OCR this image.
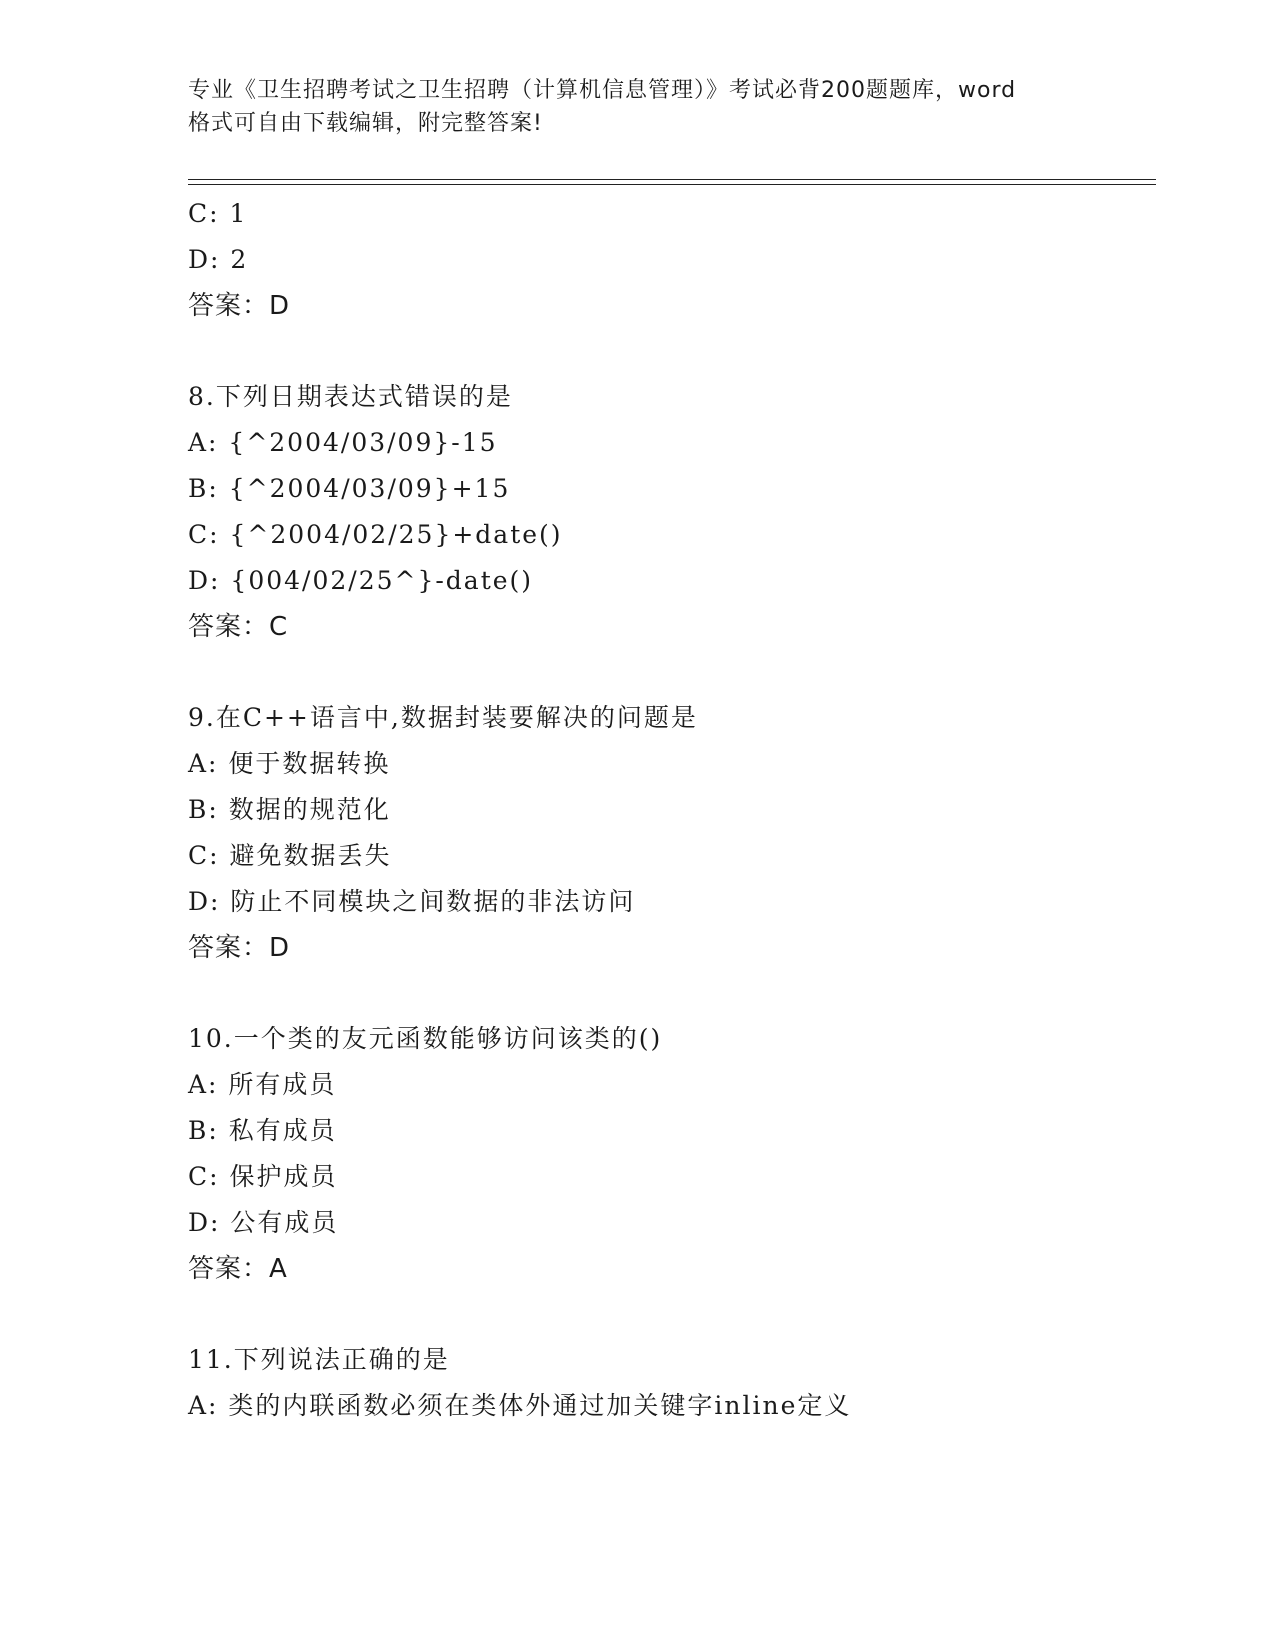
专业《卫生招聘考试之卫生招聘（计算机信息管理）》考试必背200题题库，word
格式可自由下载编辑，附完整答案!
C: 1
D: 2
答案：D
8.下列日期表达式错误的是
A: {^2004/03/09}-15
B: {^2004/03/09}+15
C: {^2004/02/25}+date()
D: {004/02/25^}-date()
答案：C
9.在C++语言中,数据封装要解决的问题是
A: 便于数据转换
B: 数据的规范化
C: 避免数据丢失
D: 防止不同模块之间数据的非法访问
答案：D
10.一个类的友元函数能够访问该类的()
A: 所有成员
B: 私有成员
C: 保护成员
D: 公有成员
答案：A
11.下列说法正确的是
A: 类的内联函数必须在类体外通过加关键字inline定义
